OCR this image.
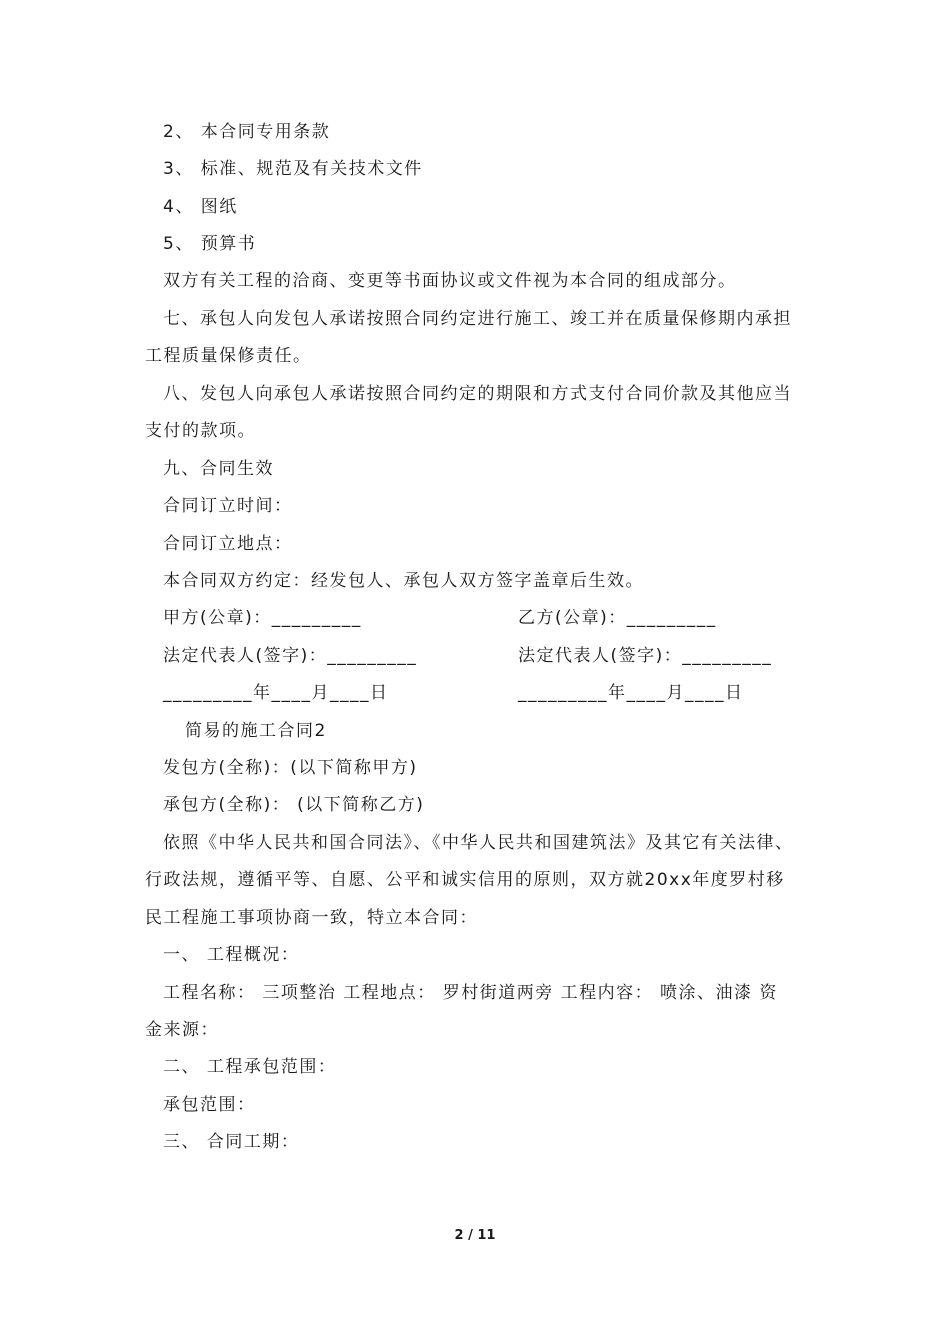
2、 本合同专用条款
3、 标准、规范及有关技术文件
4、 图纸
5、 预算书
双方有关工程的洽商、变更等书面协议或文件视为本合同的组成部分。
七、承包人向发包人承诺按照合同约定进行施工、竣工并在质量保修期内承担
工程质量保修责任。
八、发包人向承包人承诺按照合同约定的期限和方式支付合同价款及其他应当
支付的款项。
九、合同生效
合同订立时间：
合同订立地点：
本合同双方约定：经发包人、承包人双方签字盖章后生效。
甲方(公章)：_________	乙方(公章)：_________
法定代表人(签字)：_________	法定代表人(签字)：_________
_________年____月____日	_________年____月____日
简易的施工合同2
发包方(全称)：(以下简称甲方)
承包方(全称)： (以下简称乙方)
依照《中华人民共和国合同法》、《中华人民共和国建筑法》及其它有关法律、
行政法规，遵循平等、自愿、公平和诚实信用的原则，双方就20xx年度罗村移
民工程施工事项协商一致，特立本合同：
一、 工程概况：
工程名称： 三项整治 工程地点： 罗村街道两旁 工程内容： 喷涂、油漆 资
金来源：
二、 工程承包范围：
承包范围：
三、 合同工期：
2 / 11
